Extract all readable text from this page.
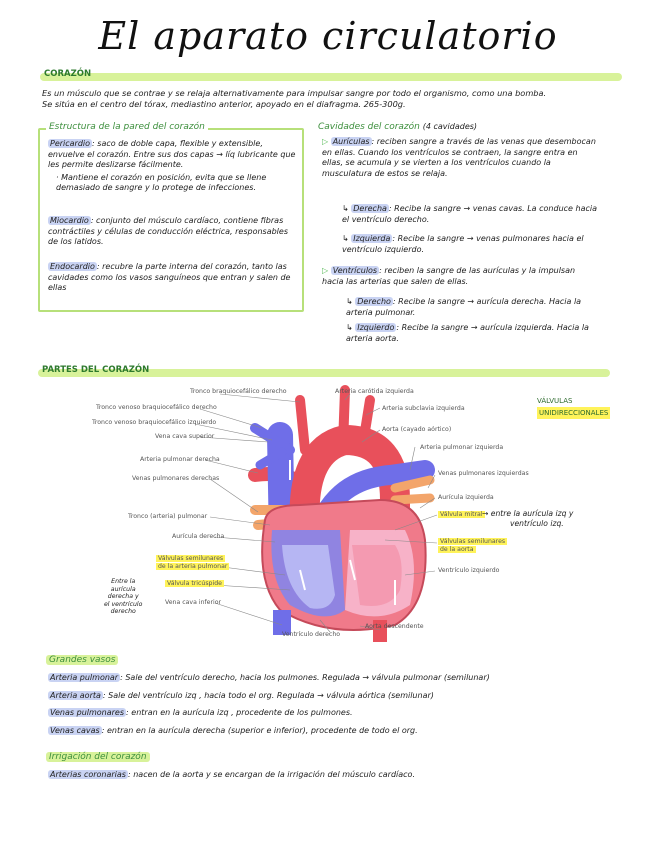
El aparato circulatorio
CORAZÓN
Es un músculo que se contrae y se relaja alternativamente para impulsar sangre por todo el organismo, como una bomba.
Se sitúa en el centro del tórax, mediastino anterior, apoyado en el diafragma. 265-300g.
Estructura de la pared del corazón
Pericardio : saco de doble capa, flexible y extensible, envuelve el corazón. Entre sus dos capas → líq lubricante que les permite deslizarse fácilmente.
· Mantiene el corazón en posición, evita que se llene demasiado de sangre y lo protege de infecciones.
Miocardio : conjunto del músculo cardíaco, contiene fibras contráctiles y células de conducción eléctrica, responsables de los latidos.
Endocardio : recubre la parte interna del corazón, tanto las cavidades como los vasos sanguíneos que entran y salen de ellas
Cavidades del corazón (4 cavidades)
▷ Aurículas : reciben sangre a través de las venas que desembocan en ellas. Cuando los ventrículos se contraen, la sangre entra en ellas, se acumula y se vierten a los ventrículos cuando la musculatura de estos se relaja.
↳ Derecha : Recibe la sangre → venas cavas. La conduce hacia el ventrículo derecho.
↳ Izquierda : Recibe la sangre → venas pulmonares hacia el ventrículo izquierdo.
▷ Ventrículos : reciben la sangre de las aurículas y la impulsan hacia las arterias que salen de ellas.
↳ Derecho : Recibe la sangre → aurícula derecha. Hacia la arteria pulmonar.
↳ Izquierdo : Recibe la sangre → aurícula izquierda. Hacia la arteria aorta.
PARTES DEL CORAZÓN
VÁLVULAS
UNIDIRECCIONALES
Tronco braquiocefálico derecho
Tronco venoso braquiocefálico derecho
Tronco venoso braquiocefálico izquierdo
Vena cava superior
Arteria pulmonar derecha
Venas pulmonares derechas
Tronco (arteria) pulmonar
Aurícula derecha
Válvulas semilunares
de la arteria pulmonar
Válvula tricúspide
Vena cava inferior
Entre la
aurícula
derecha y
el ventrículo
derecho
Arteria carótida izquierda
Arteria subclavia izquierda
Aorta (cayado aórtico)
Arteria pulmonar izquierda
Venas pulmonares izquierdas
Aurícula izquierda
Válvula mitral
Válvulas semilunares
de la aorta
Ventrículo izquierdo
Aorta descendente
Ventrículo derecho
→ entre la aurícula izq y
ventrículo izq.
Grandes vasos
Arteria pulmonar : Sale del ventrículo derecho, hacia los pulmones. Regulada → válvula pulmonar (semilunar)
Arteria aorta : Sale del ventrículo izq , hacia todo el org. Regulada → válvula aórtica (semilunar)
Venas pulmonares : entran en la aurícula izq , procedente de los pulmones.
Venas cavas : entran en la aurícula derecha (superior e inferior), procedente de todo el org.
Irrigación del corazón
Arterias coronarias : nacen de la aorta y se encargan de la irrigación del músculo cardíaco.
